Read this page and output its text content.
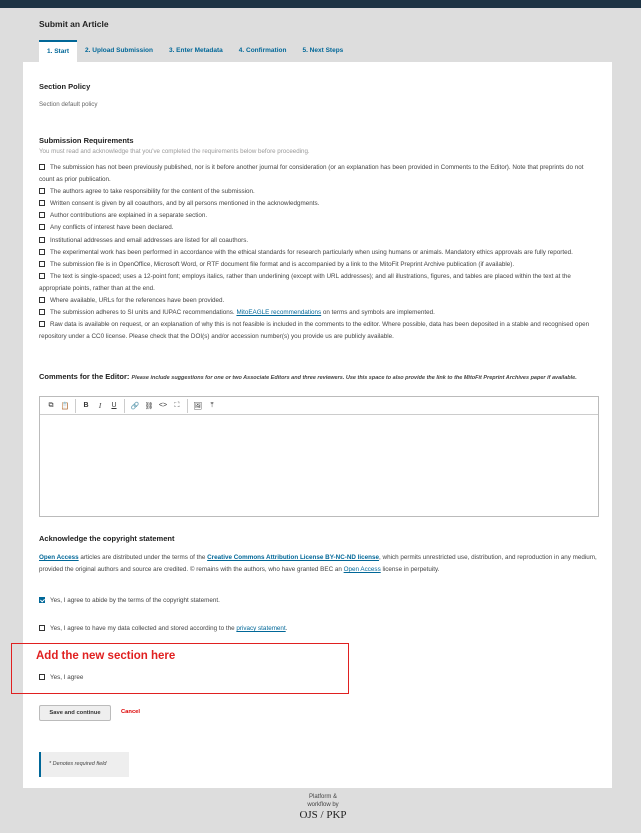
Submit an Article
1. Start	2. Upload Submission	3. Enter Metadata	4. Confirmation	5. Next Steps
Section Policy
Section default policy
Submission Requirements
You must read and acknowledge that you've completed the requirements below before proceeding.
The submission has not been previously published, nor is it before another journal for consideration (or an explanation has been provided in Comments to the Editor). Note that preprints do not count as prior publication.
The authors agree to take responsibility for the content of the submission.
Written consent is given by all coauthors, and by all persons mentioned in the acknowledgments.
Author contributions are explained in a separate section.
Any conflicts of interest have been declared.
Institutional addresses and email addresses are listed for all coauthors.
The experimental work has been performed in accordance with the ethical standards for research particularly when using humans or animals. Mandatory ethics approvals are fully reported.
The submission file is in OpenOffice, Microsoft Word, or RTF document file format and is accompanied by a link to the MitoFit Preprint Archive publication (if available).
The text is single-spaced; uses a 12-point font; employs italics, rather than underlining (except with URL addresses); and all illustrations, figures, and tables are placed within the text at the appropriate points, rather than at the end.
Where available, URLs for the references have been provided.
The submission adheres to SI units and IUPAC recommendations. MitoEAGLE recommendations on terms and symbols are implemented.
Raw data is available on request, or an explanation of why this is not feasible is included in the comments to the editor. Where possible, data has been deposited in a stable and recognised open repository under a CC0 license. Please check that the DOI(s) and/or accession number(s) you provide us are publicly available.
Comments for the Editor: Please include suggestions for one or two Associate Editors and three reviewers. Use this space to also provide the link to the MitoFit Preprint Archives paper if available.
⧉	📋	B	I	U	🔗 ⛓ <>	⛶	🖼	⤒
Acknowledge the copyright statement
Open Access articles are distributed under the terms of the Creative Commons Attribution License BY-NC-ND license, which permits unrestricted use, distribution, and reproduction in any medium, provided the original authors and source are credited. © remains with the authors, who have granted BEC an Open Access license in perpetuity.
Yes, I agree to abide by the terms of the copyright statement.
Yes, I agree to have my data collected and stored according to the privacy statement.
Add the new section here
Yes, I agree
Save and continue	Cancel
* Denotes required field
Platform &
workflow by
OJS / PKP
